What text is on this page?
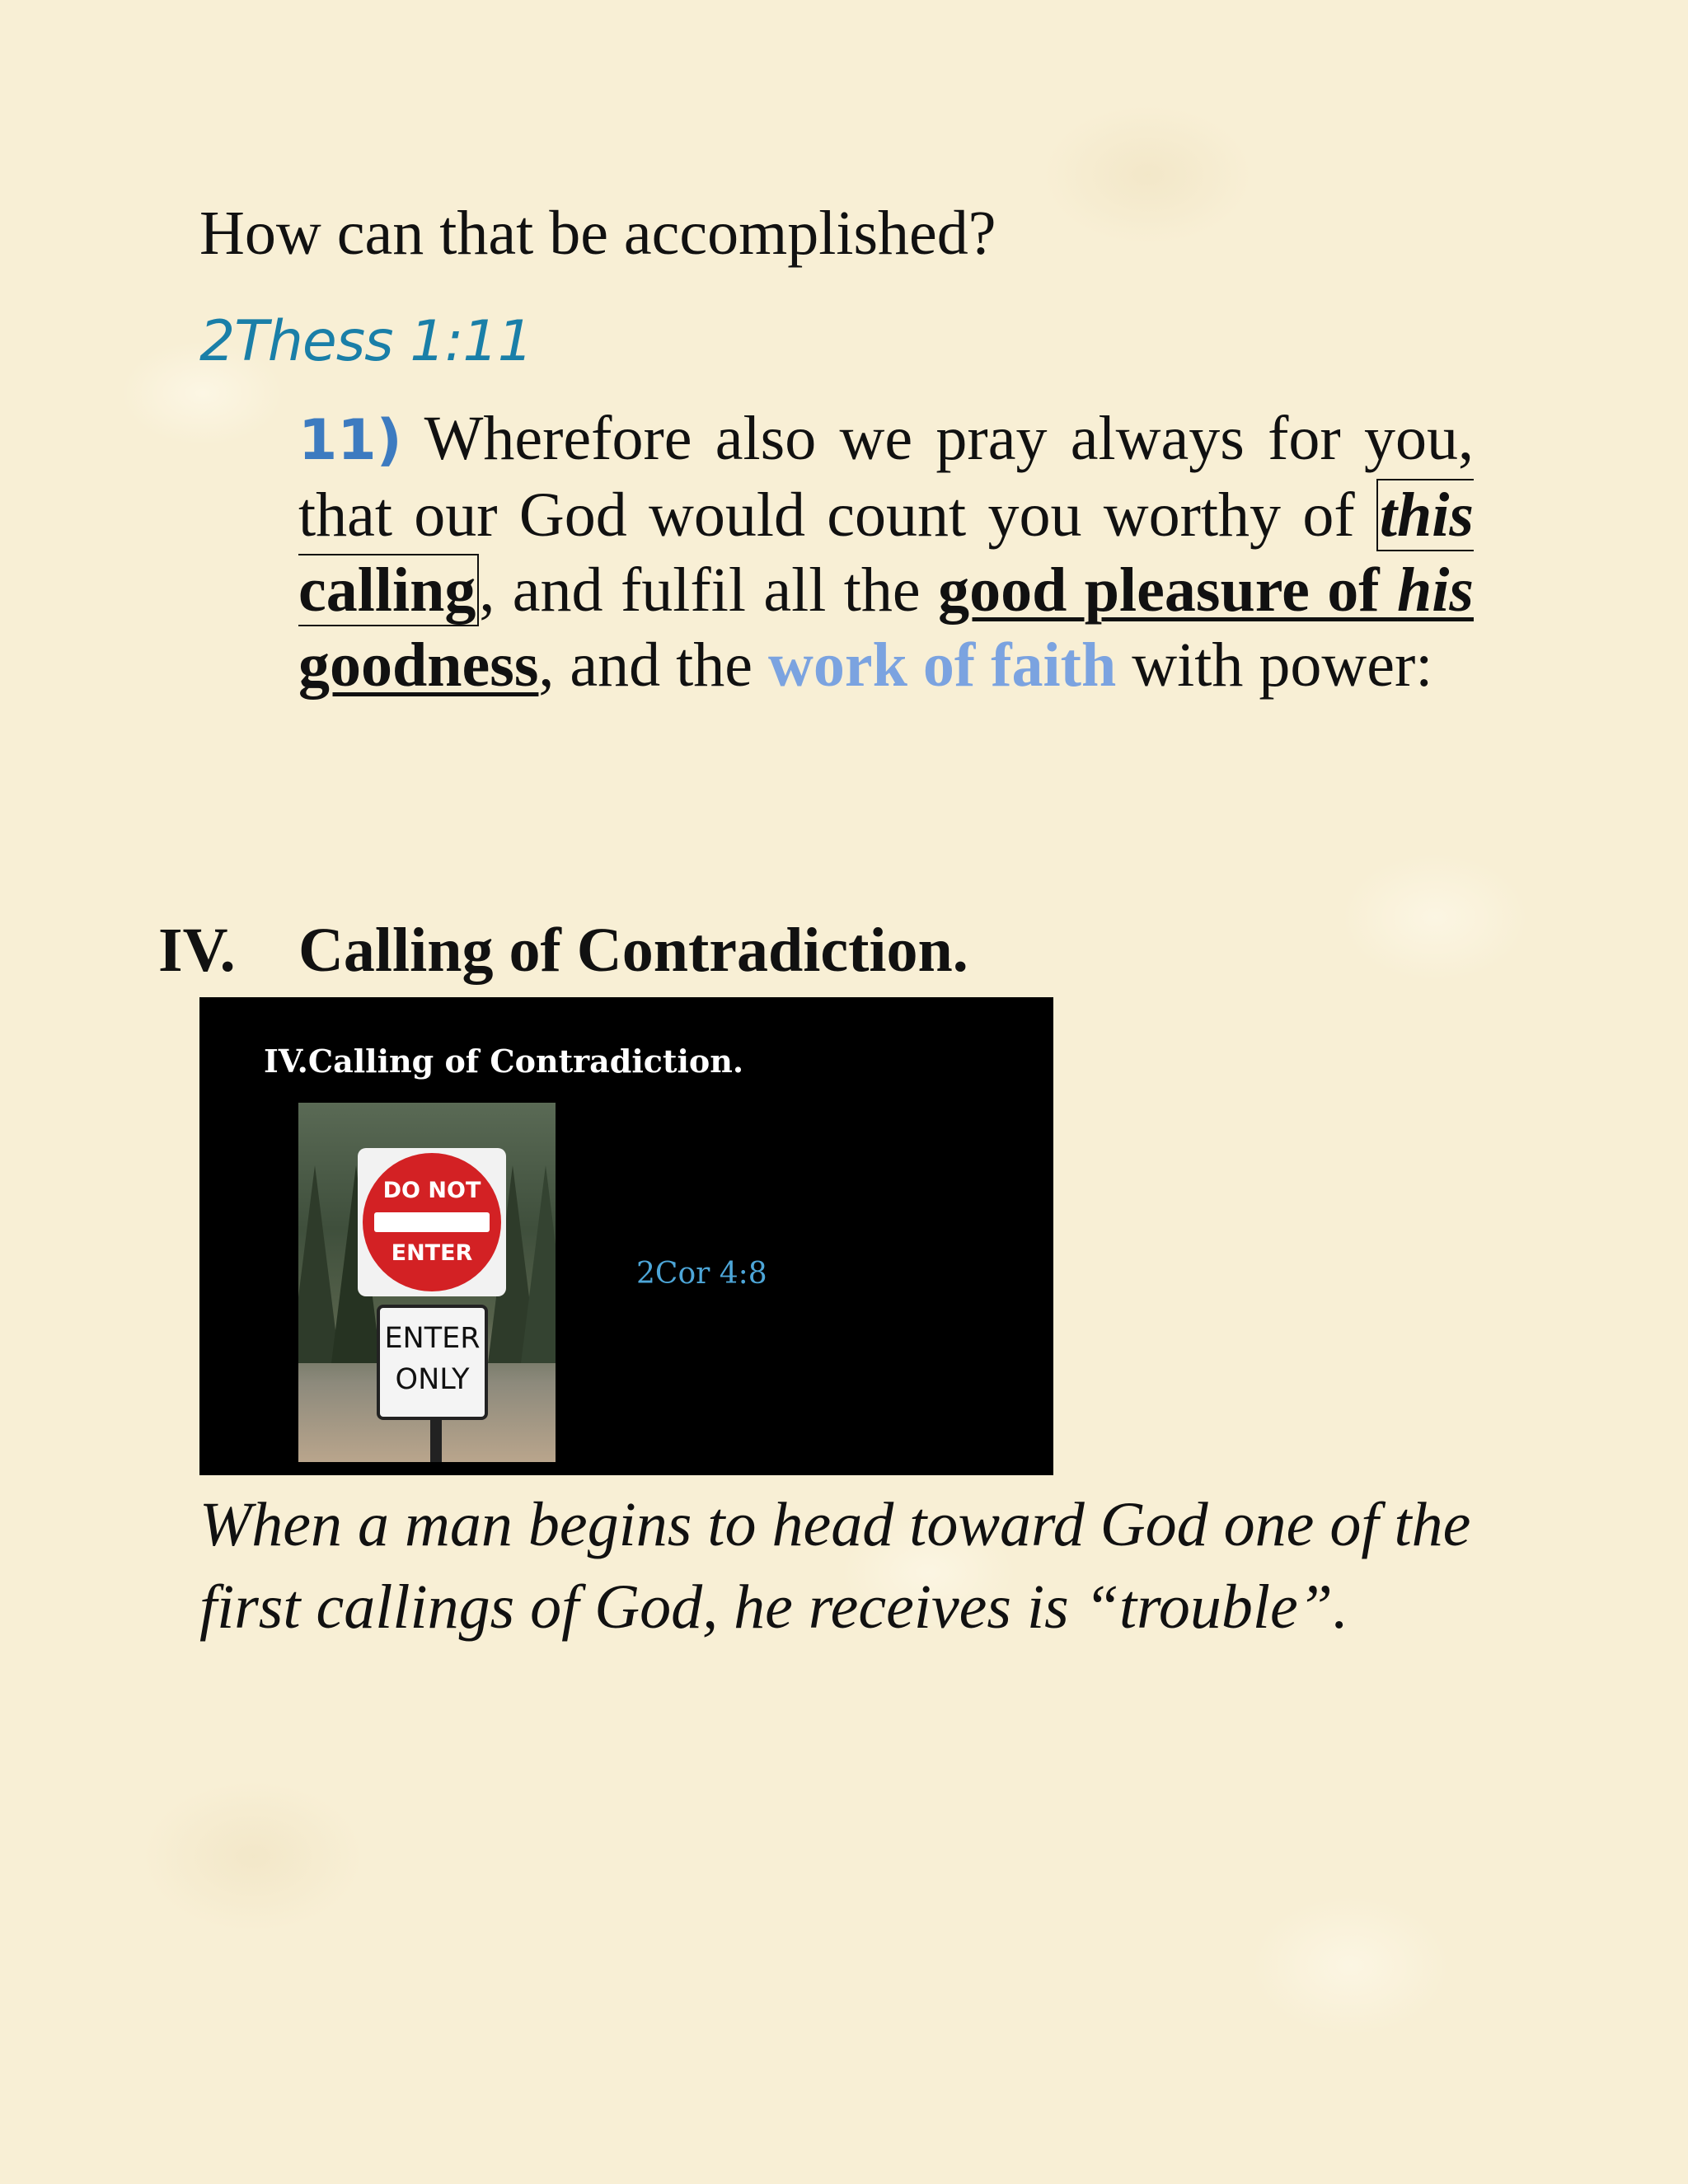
How can that be accomplished?

2Thess 1:11

11) Wherefore also we pray always for you, that our God would count you worthy of this calling, and fulfil all the good pleasure of his goodness, and the work of faith with power:

IV. Calling of Contradiction.

IV.Calling of Contradiction.
DO NOT
ENTER
ENTER
ONLY
2Cor 4:8

When a man begins to head toward God one of the first callings of God, he receives is “trouble”.
